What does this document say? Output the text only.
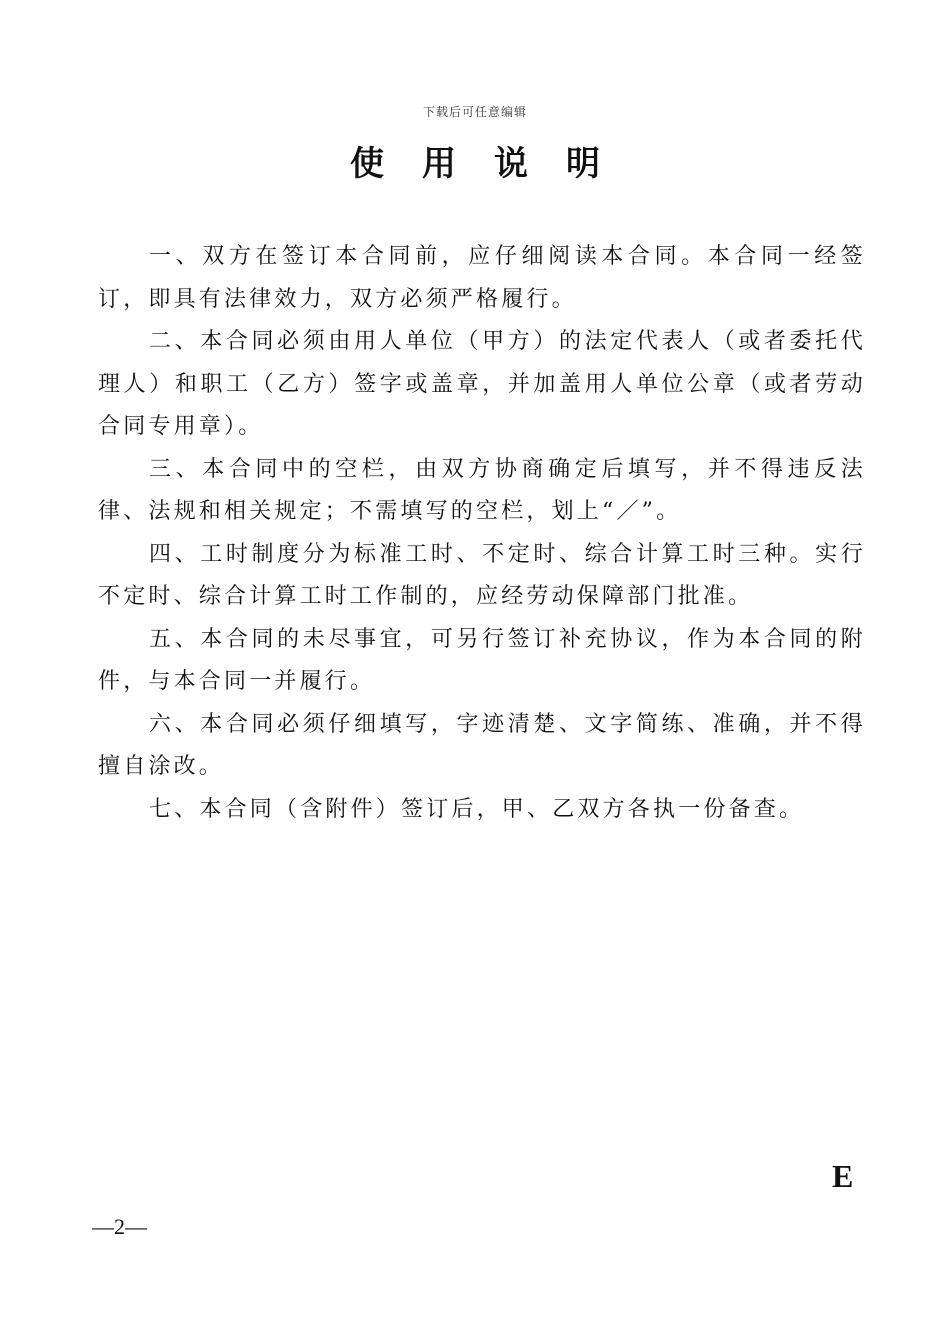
下载后可任意编辑
使用说明

一、双方在签订本合同前，应仔细阅读本合同。本合同一经签订，即具有法律效力，双方必须严格履行。

二、本合同必须由用人单位（甲方）的法定代表人（或者委托代理人）和职工（乙方）签字或盖章，并加盖用人单位公章（或者劳动合同专用章）。

三、本合同中的空栏，由双方协商确定后填写，并不得违反法律、法规和相关规定；不需填写的空栏，划上“／”。

四、工时制度分为标准工时、不定时、综合计算工时三种。实行不定时、综合计算工时工作制的，应经劳动保障部门批准。

五、本合同的未尽事宜，可另行签订补充协议，作为本合同的附件，与本合同一并履行。

六、本合同必须仔细填写，字迹清楚、文字简练、准确，并不得擅自涂改。

七、本合同（含附件）签订后，甲、乙双方各执一份备查。

E
—2—
